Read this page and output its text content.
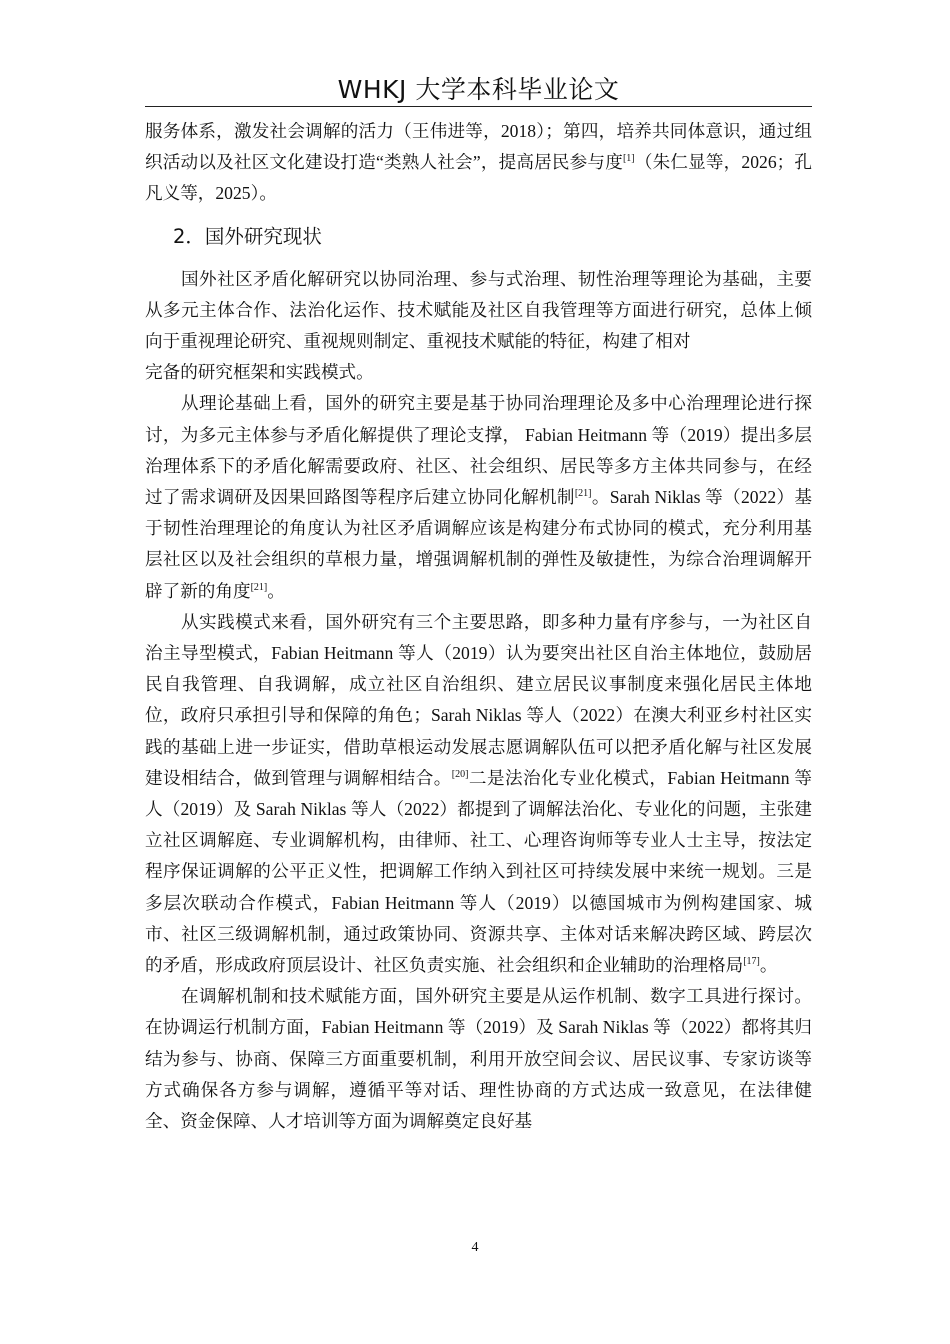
WHKJ 大学本科毕业论文

服务体系，激发社会调解的活力（王伟进等，2018）；第四，培养共同体意识，通过组织活动以及社区文化建设打造“类熟人社会”，提高居民参与度[1]（朱仁显等，2026；孔凡义等，2025）。

2．国外研究现状

国外社区矛盾化解研究以协同治理、参与式治理、韧性治理等理论为基础，主要从多元主体合作、法治化运作、技术赋能及社区自我管理等方面进行研究，总体上倾向于重视理论研究、重视规则制定、重视技术赋能的特征，构建了相对

完备的研究框架和实践模式。

从理论基础上看，国外的研究主要是基于协同治理理论及多中心治理理论进行探讨，为多元主体参与矛盾化解提供了理论支撑， Fabian Heitmann 等（2019）提出多层治理体系下的矛盾化解需要政府、社区、社会组织、居民等多方主体共同参与，在经过了需求调研及因果回路图等程序后建立协同化解机制[21]。Sarah Niklas 等（2022）基于韧性治理理论的角度认为社区矛盾调解应该是构建分布式协同的模式，充分利用基层社区以及社会组织的草根力量，增强调解机制的弹性及敏捷性，为综合治理调解开辟了新的角度[21]。

从实践模式来看，国外研究有三个主要思路，即多种力量有序参与，一为社区自治主导型模式，Fabian Heitmann 等人（2019）认为要突出社区自治主体地位，鼓励居民自我管理、自我调解，成立社区自治组织、建立居民议事制度来强化居民主体地位，政府只承担引导和保障的角色；Sarah Niklas 等人（2022）在澳大利亚乡村社区实践的基础上进一步证实，借助草根运动发展志愿调解队伍可以把矛盾化解与社区发展建设相结合，做到管理与调解相结合。[20]二是法治化专业化模式，Fabian Heitmann 等人（2019）及 Sarah Niklas 等人（2022）都提到了调解法治化、专业化的问题，主张建立社区调解庭、专业调解机构，由律师、社工、心理咨询师等专业人士主导，按法定程序保证调解的公平正义性，把调解工作纳入到社区可持续发展中来统一规划。三是多层次联动合作模式，Fabian Heitmann 等人（2019）以德国城市为例构建国家、城市、社区三级调解机制，通过政策协同、资源共享、主体对话来解决跨区域、跨层次的矛盾，形成政府顶层设计、社区负责实施、社会组织和企业辅助的治理格局[17]。

在调解机制和技术赋能方面，国外研究主要是从运作机制、数字工具进行探讨。在协调运行机制方面，Fabian Heitmann 等（2019）及 Sarah Niklas 等（2022）都将其归结为参与、协商、保障三方面重要机制，利用开放空间会议、居民议事、专家访谈等方式确保各方参与调解，遵循平等对话、理性协商的方式达成一致意见，在法律健全、资金保障、人才培训等方面为调解奠定良好基

4
